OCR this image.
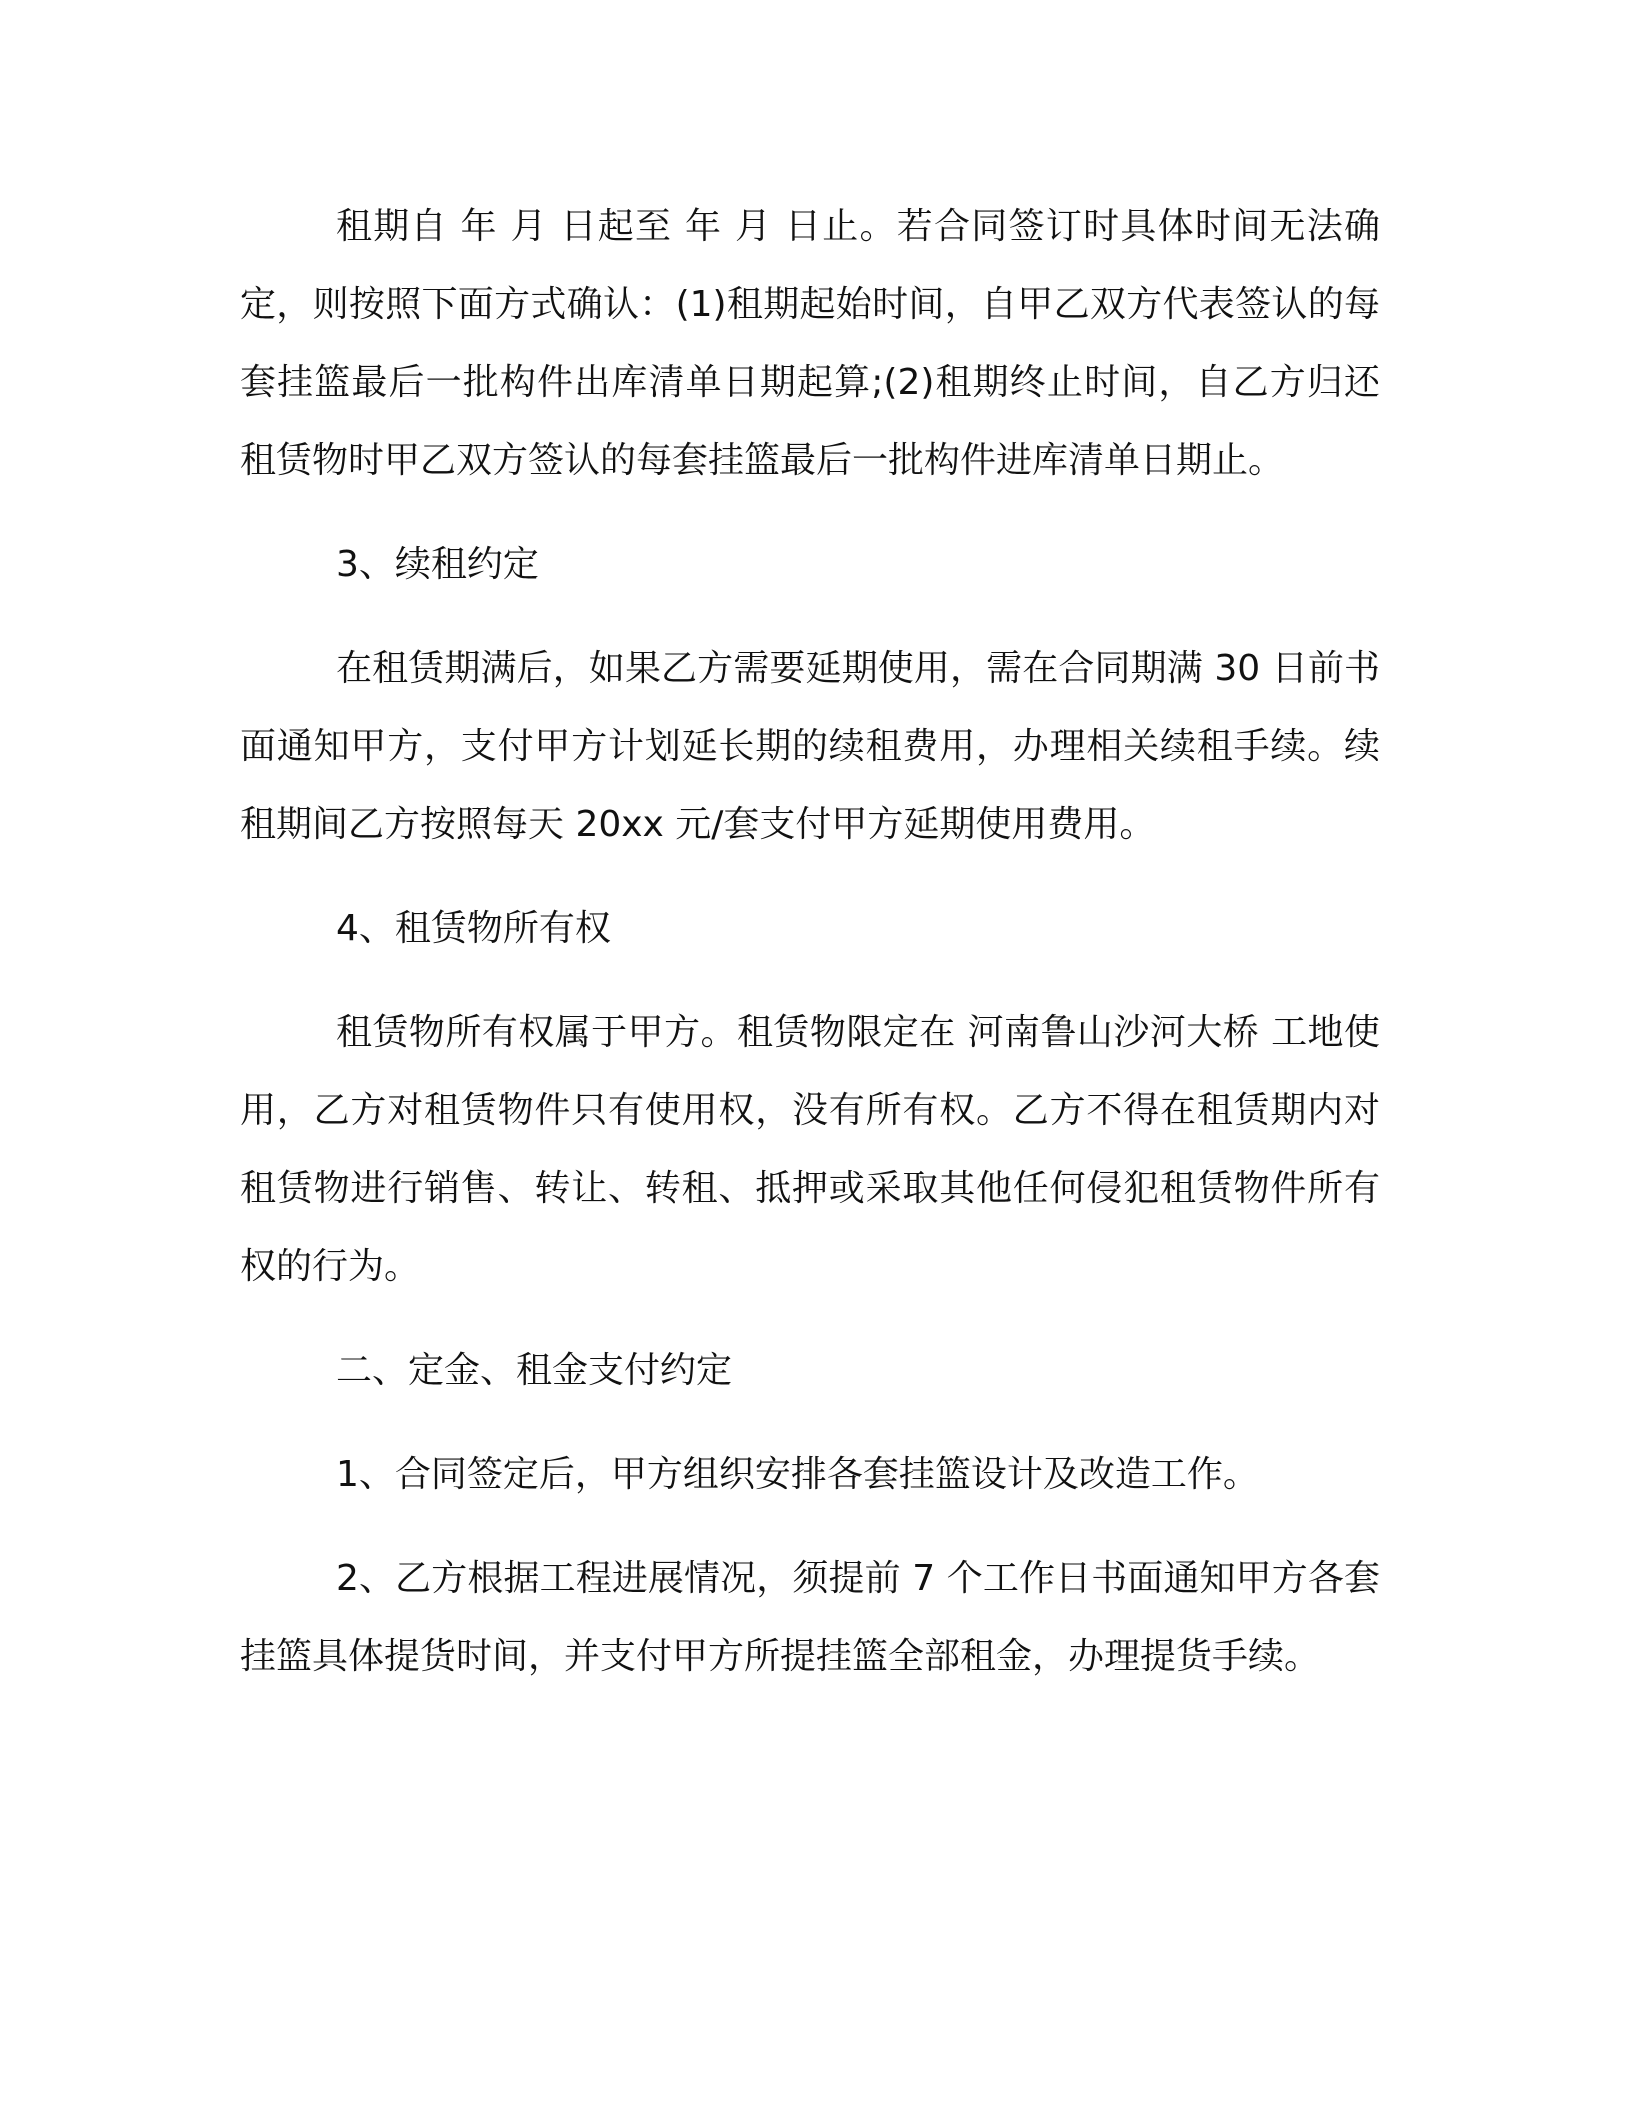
租期自 年 月 日起至 年 月 日止。若合同签订时具体时间无法确定，则按照下面方式确认：(1)租期起始时间，自甲乙双方代表签认的每套挂篮最后一批构件出库清单日期起算;(2)租期终止时间，自乙方归还租赁物时甲乙双方签认的每套挂篮最后一批构件进库清单日期止。

3、续租约定

在租赁期满后，如果乙方需要延期使用，需在合同期满 30 日前书面通知甲方，支付甲方计划延长期的续租费用，办理相关续租手续。续租期间乙方按照每天 20xx 元/套支付甲方延期使用费用。

4、租赁物所有权

租赁物所有权属于甲方。租赁物限定在 河南鲁山沙河大桥 工地使用，乙方对租赁物件只有使用权，没有所有权。乙方不得在租赁期内对租赁物进行销售、转让、转租、抵押或采取其他任何侵犯租赁物件所有权的行为。

二、定金、租金支付约定

1、合同签定后，甲方组织安排各套挂篮设计及改造工作。

2、乙方根据工程进展情况，须提前 7 个工作日书面通知甲方各套挂篮具体提货时间，并支付甲方所提挂篮全部租金，办理提货手续。
